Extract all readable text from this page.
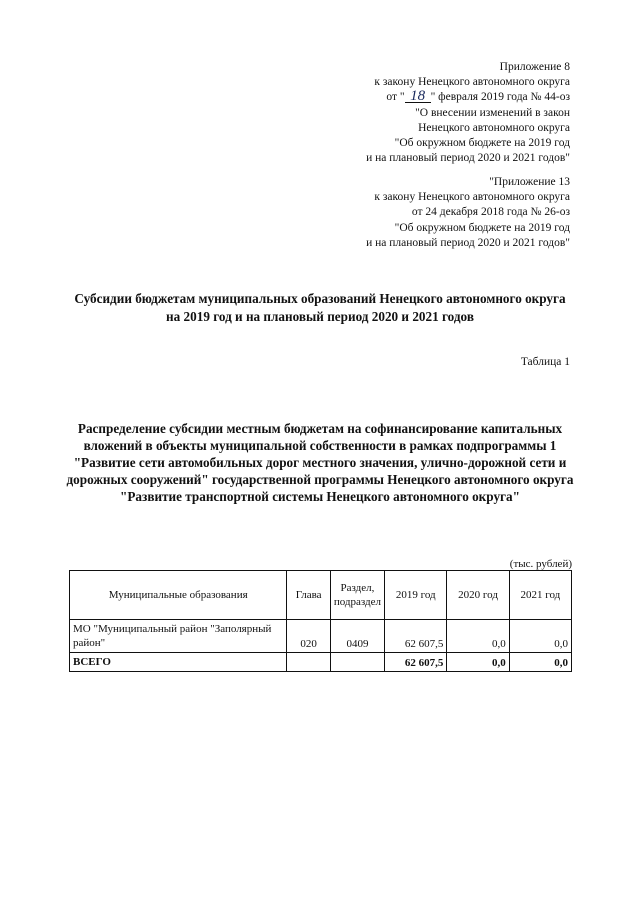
Приложение 8
к закону Ненецкого автономного округа
от " 18 " февраля 2019 года № 44-оз
"О внесении изменений в закон
Ненецкого автономного округа
"Об окружном бюджете на 2019 год
и на плановый период 2020 и 2021 годов"
"Приложение 13
к закону Ненецкого автономного округа
от 24 декабря 2018 года № 26-оз
"Об окружном бюджете на 2019 год
и на плановый период 2020 и 2021 годов"
Субсидии бюджетам муниципальных образований Ненецкого автономного округа на 2019 год и на плановый период 2020 и 2021 годов
Таблица 1
Распределение субсидии местным бюджетам на софинансирование капитальных вложений в объекты муниципальной собственности в рамках подпрограммы 1 "Развитие сети автомобильных дорог местного значения, улично-дорожной сети и дорожных сооружений" государственной программы Ненецкого автономного округа "Развитие транспортной системы Ненецкого автономного округа"
(тыс. рублей)
Муниципальные образования	Глава	Раздел, подраздел	2019 год	2020 год	2021 год
МО "Муниципальный район "Заполярный район"	020	0409	62 607,5	0,0	0,0
ВСЕГО			62 607,5	0,0	0,0
